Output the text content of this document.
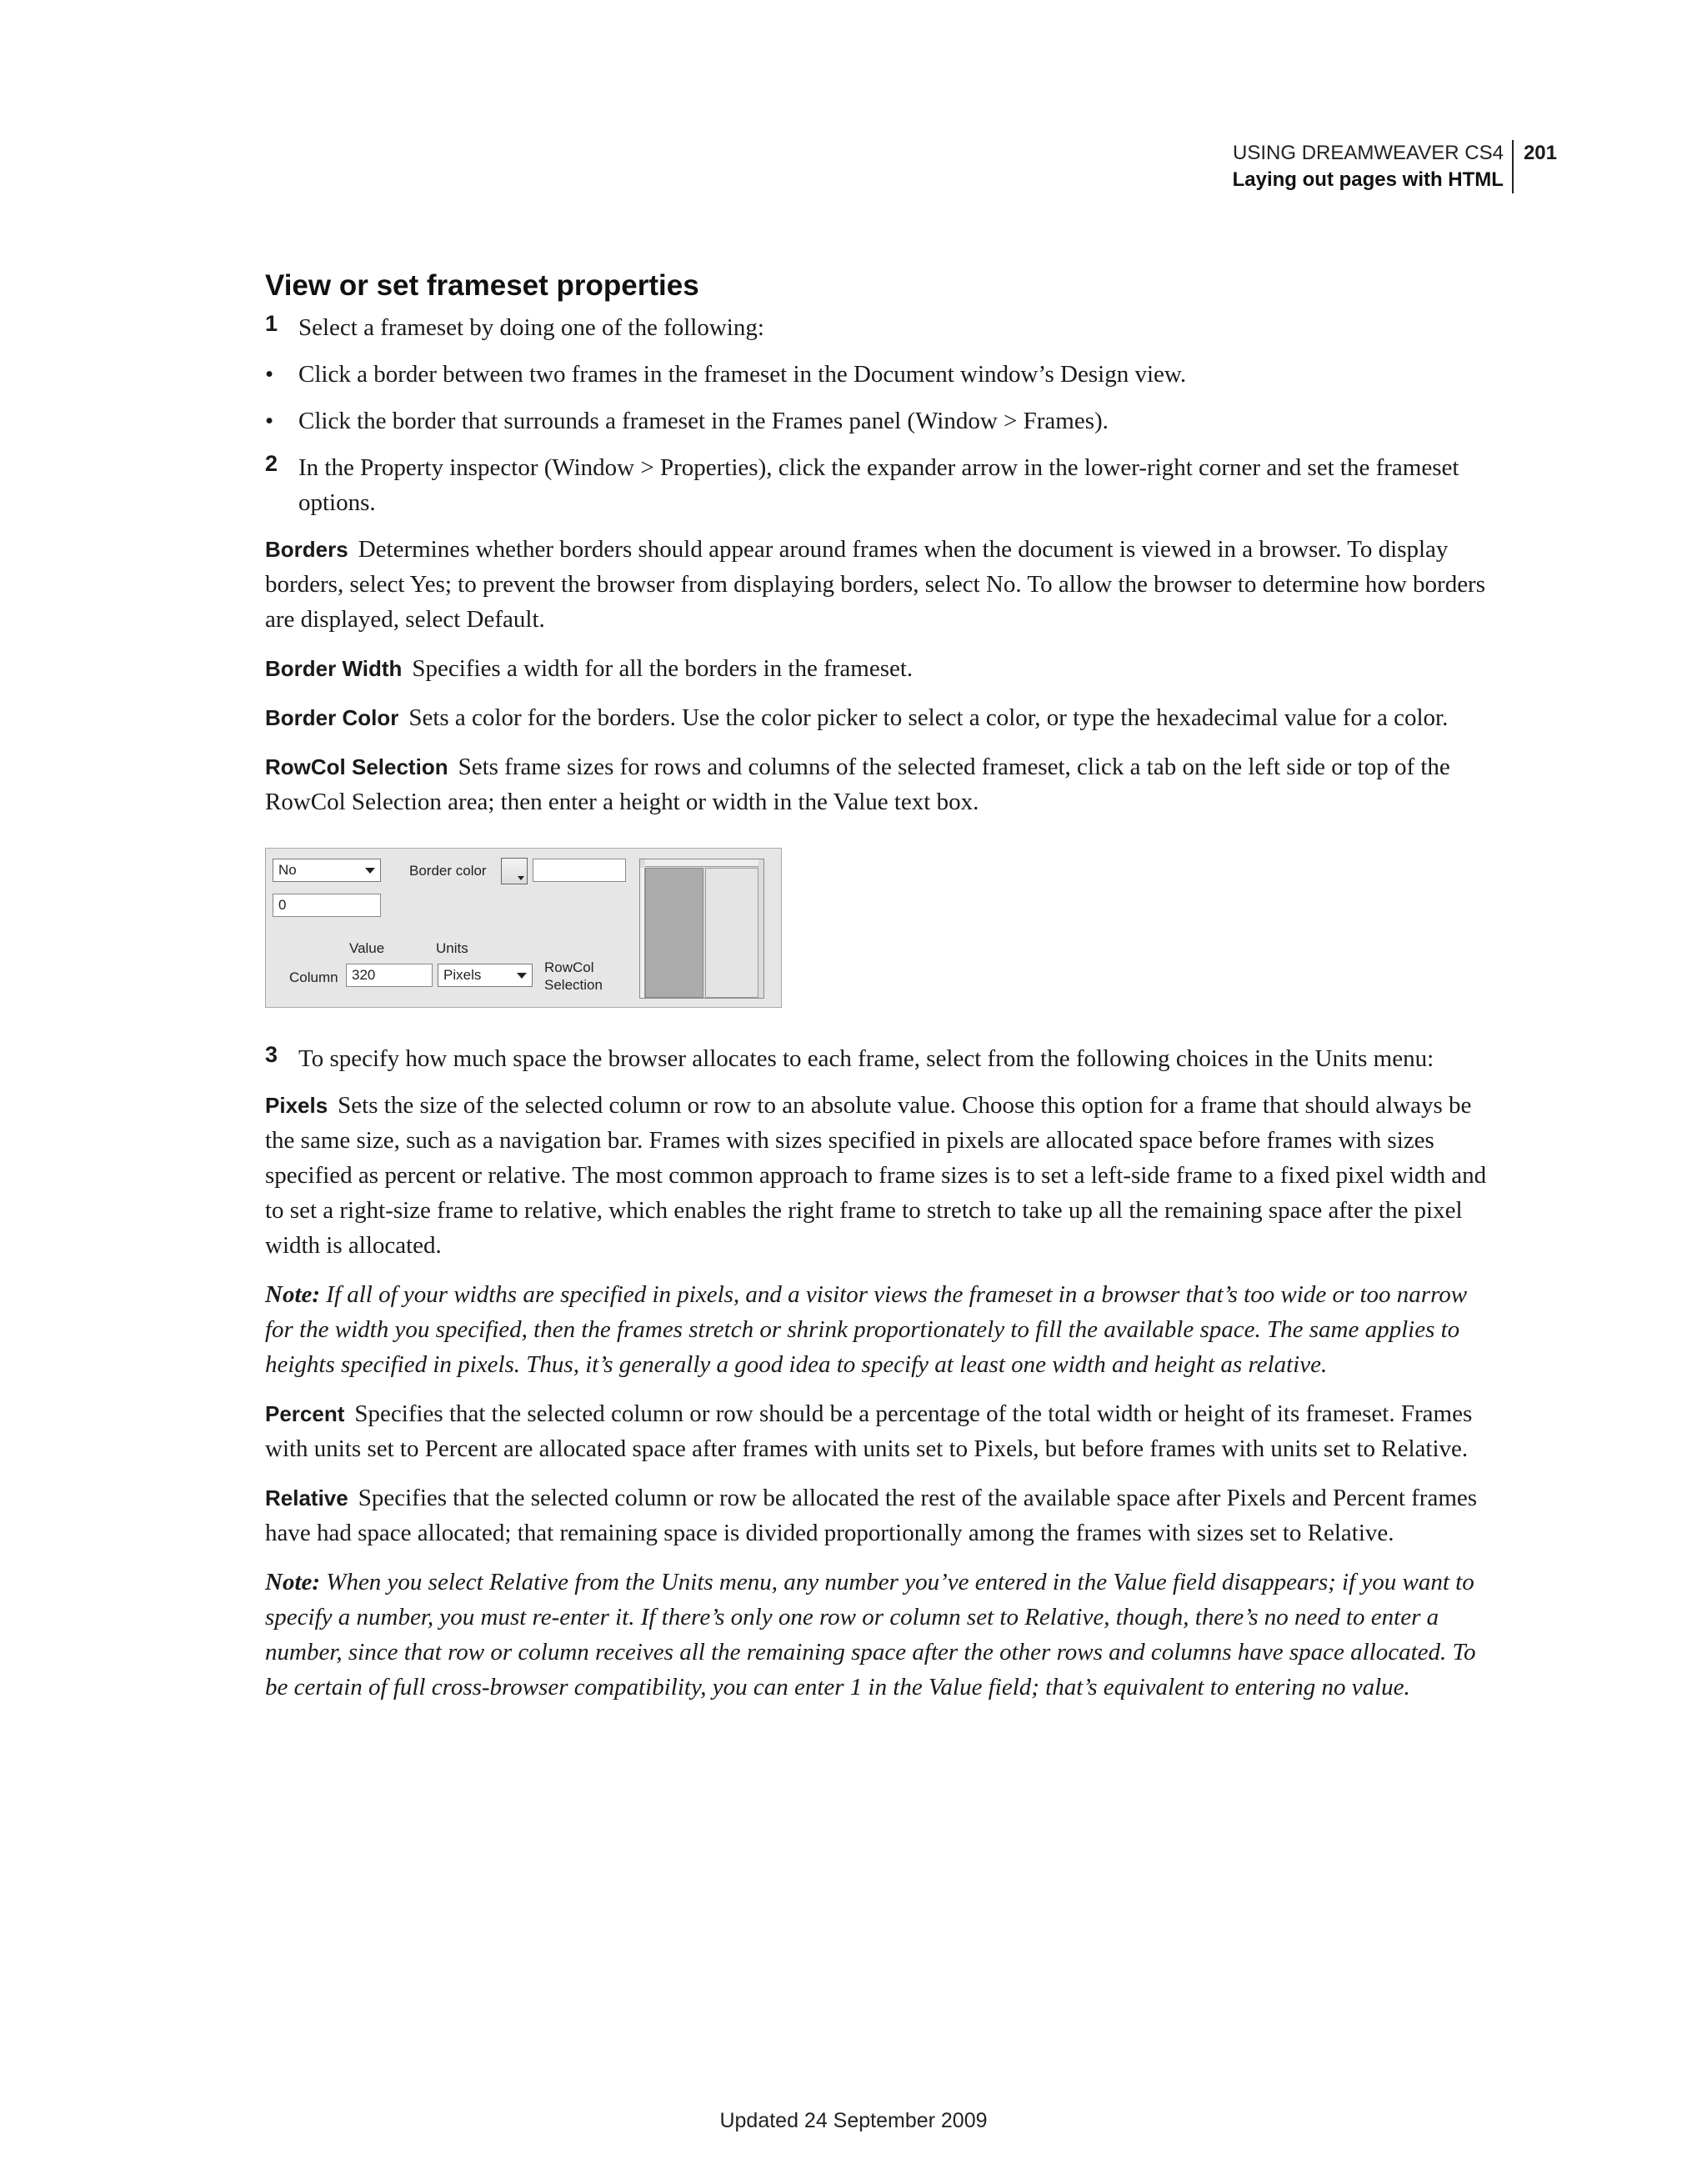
USING DREAMWEAVER CS4
Laying out pages with HTML
201
View or set frameset properties
1 Select a frameset by doing one of the following:
•	Click a border between two frames in the frameset in the Document window’s Design view.
•	Click the border that surrounds a frameset in the Frames panel (Window > Frames).
2 In the Property inspector (Window > Properties), click the expander arrow in the lower-right corner and set the frameset options.
Borders Determines whether borders should appear around frames when the document is viewed in a browser. To display borders, select Yes; to prevent the browser from displaying borders, select No. To allow the browser to determine how borders are displayed, select Default.
Border Width Specifies a width for all the borders in the frameset.
Border Color Sets a color for the borders. Use the color picker to select a color, or type the hexadecimal value for a color.
RowCol Selection Sets frame sizes for rows and columns of the selected frameset, click a tab on the left side or top of the RowCol Selection area; then enter a height or width in the Value text box.
No	Border color
0
Value	Units
Column 320	Pixels	RowCol
Selection
3 To specify how much space the browser allocates to each frame, select from the following choices in the Units menu:
Pixels Sets the size of the selected column or row to an absolute value. Choose this option for a frame that should always be the same size, such as a navigation bar. Frames with sizes specified in pixels are allocated space before frames with sizes specified as percent or relative. The most common approach to frame sizes is to set a left-side frame to a fixed pixel width and to set a right-size frame to relative, which enables the right frame to stretch to take up all the remaining space after the pixel width is allocated.
Note: If all of your widths are specified in pixels, and a visitor views the frameset in a browser that’s too wide or too narrow for the width you specified, then the frames stretch or shrink proportionately to fill the available space. The same applies to heights specified in pixels. Thus, it’s generally a good idea to specify at least one width and height as relative.
Percent Specifies that the selected column or row should be a percentage of the total width or height of its frameset. Frames with units set to Percent are allocated space after frames with units set to Pixels, but before frames with units set to Relative.
Relative Specifies that the selected column or row be allocated the rest of the available space after Pixels and Percent frames have had space allocated; that remaining space is divided proportionally among the frames with sizes set to Relative.
Note: When you select Relative from the Units menu, any number you’ve entered in the Value field disappears; if you want to specify a number, you must re-enter it. If there’s only one row or column set to Relative, though, there’s no need to enter a number, since that row or column receives all the remaining space after the other rows and columns have space allocated. To be certain of full cross-browser compatibility, you can enter 1 in the Value field; that’s equivalent to entering no value.
Updated 24 September 2009
